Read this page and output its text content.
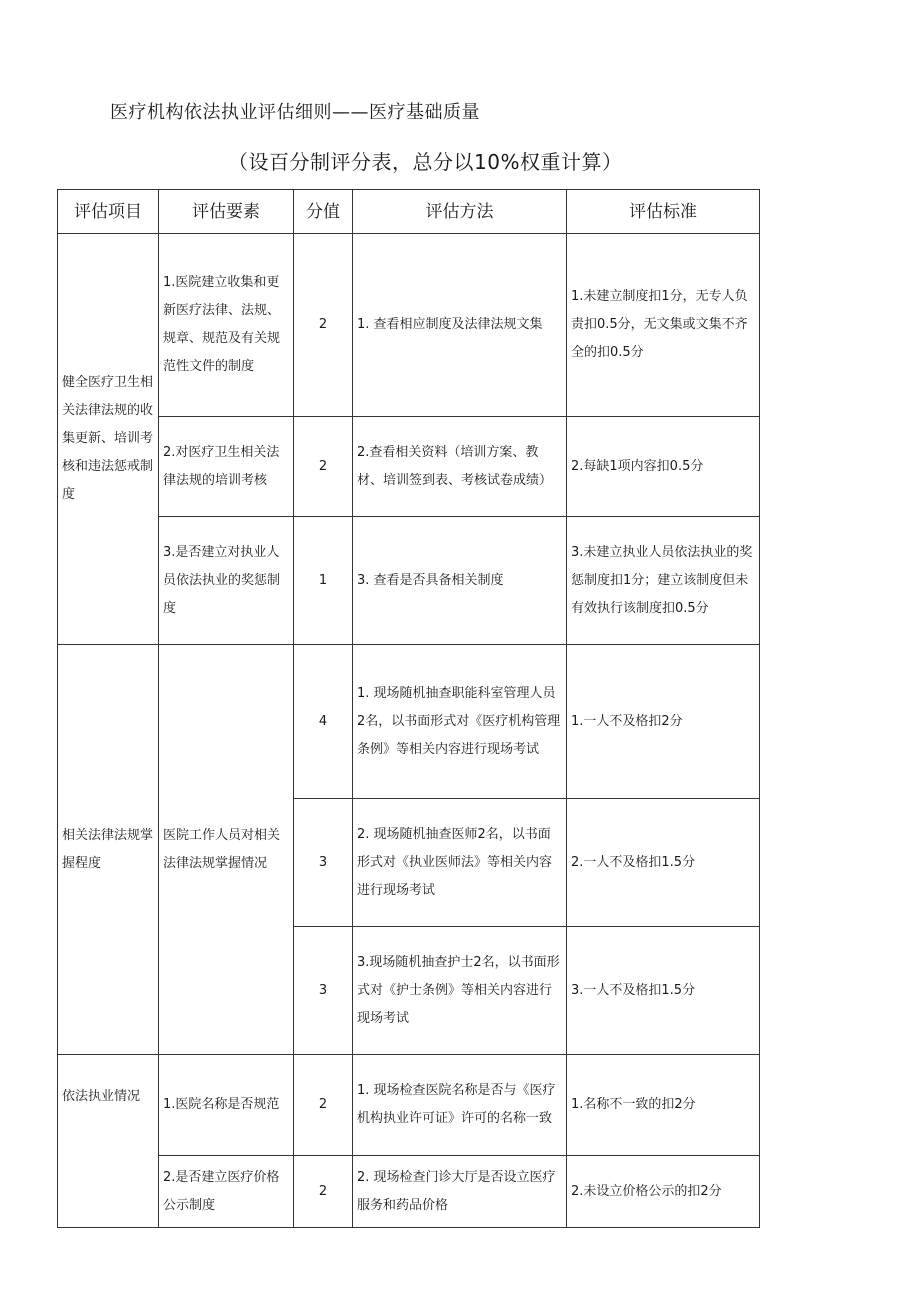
医疗机构依法执业评估细则——医疗基础质量
（设百分制评分表，总分以10%权重计算）
评估项目	评估要素	分值	评估方法	评估标准
健全医疗卫生相关法律法规的收集更新、培训考核和违法惩戒制度	1.医院建立收集和更新医疗法律、法规、规章、规范及有关规范性文件的制度	2	1. 查看相应制度及法律法规文集	1.未建立制度扣1分，无专人负责扣0.5分，无文集或文集不齐全的扣0.5分
	2.对医疗卫生相关法律法规的培训考核	2	2.查看相关资料（培训方案、教材、培训签到表、考核试卷成绩）	2.每缺1项内容扣0.5分
	3.是否建立对执业人员依法执业的奖惩制度	1	3. 查看是否具备相关制度	3.未建立执业人员依法执业的奖惩制度扣1分；建立该制度但未有效执行该制度扣0.5分
相关法律法规掌握程度	医院工作人员对相关法律法规掌握情况	4	1. 现场随机抽查职能科室管理人员2名，以书面形式对《医疗机构管理条例》等相关内容进行现场考试	1.一人不及格扣2分
		3	2. 现场随机抽查医师2名，以书面形式对《执业医师法》等相关内容进行现场考试	2.一人不及格扣1.5分
		3	3.现场随机抽查护士2名，以书面形式对《护士条例》等相关内容进行现场考试	3.一人不及格扣1.5分
依法执业情况	1.医院名称是否规范	2	1. 现场检查医院名称是否与《医疗机构执业许可证》许可的名称一致	1.名称不一致的扣2分
	2.是否建立医疗价格公示制度	2	2. 现场检查门诊大厅是否设立医疗服务和药品价格	2.未设立价格公示的扣2分
